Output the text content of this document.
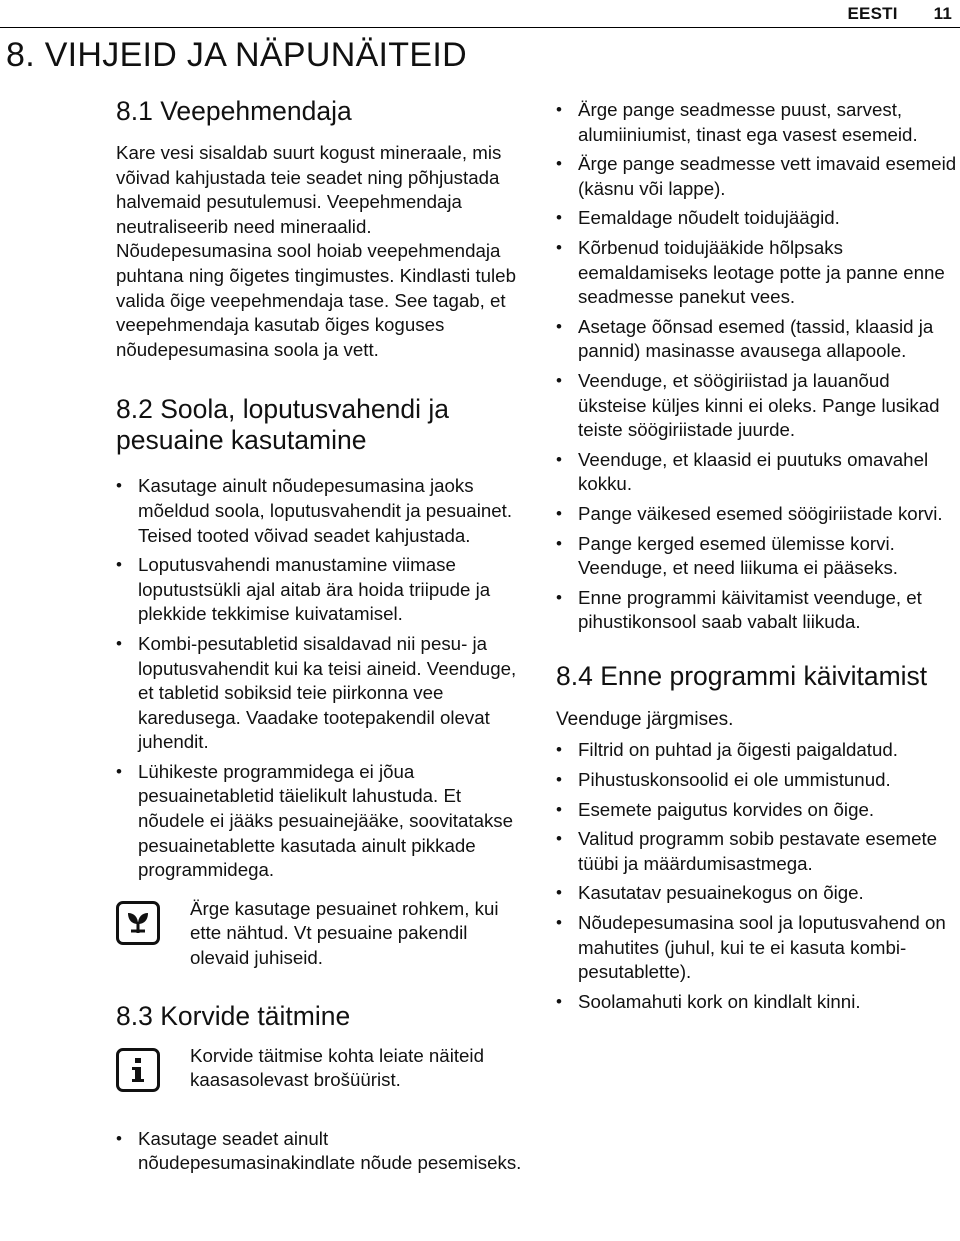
EESTI 11
8. VIHJEID JA NÄPUNÄITEID
8.1 Veepehmendaja

Kare vesi sisaldab suurt kogust mineraale, mis võivad kahjustada teie seadet ning põhjustada halvemaid pesutulemusi. Veepehmendaja neutraliseerib need mineraalid. Nõudepesumasina sool hoiab veepehmendaja puhtana ning õigetes tingimustes. Kindlasti tuleb valida õige veepehmendaja tase. See tagab, et veepehmendaja kasutab õiges koguses nõudepesumasina soola ja vett.

8.2 Soola, loputusvahendi ja pesuaine kasutamine
• Kasutage ainult nõudepesumasina jaoks mõeldud soola, loputusvahendit ja pesuainet. Teised tooted võivad seadet kahjustada.
• Loputusvahendi manustamine viimase loputustsükli ajal aitab ära hoida triipude ja plekkide tekkimise kuivatamisel.
• Kombi-pesutabletid sisaldavad nii pesu- ja loputusvahendit kui ka teisi aineid. Veenduge, et tabletid sobiksid teie piirkonna vee karedusega. Vaadake tootepakendil olevat juhendit.
• Lühikeste programmidega ei jõua pesuainetabletid täielikult lahustuda. Et nõudele ei jääks pesuainejääke, soovitatakse pesuainetablette kasutada ainult pikkade programmidega.

Ärge kasutage pesuainet rohkem, kui ette nähtud. Vt pesuaine pakendil olevaid juhiseid.

8.3 Korvide täitmine

Korvide täitmise kohta leiate näiteid kaasasolevast brošüürist.

• Kasutage seadet ainult nõudepesumasinakindlate nõude pesemiseks.
• Ärge pange seadmesse puust, sarvest, alumiiniumist, tinast ega vasest esemeid.
• Ärge pange seadmesse vett imavaid esemeid (käsnu või lappe).
• Eemaldage nõudelt toidujäägid.
• Kõrbenud toidujääkide hõlpsaks eemaldamiseks leotage potte ja panne enne seadmesse panekut vees.
• Asetage õõnsad esemed (tassid, klaasid ja pannid) masinasse avausega allapoole.
• Veenduge, et söögiriistad ja lauanõud üksteise küljes kinni ei oleks. Pange lusikad teiste söögiriistade juurde.
• Veenduge, et klaasid ei puutuks omavahel kokku.
• Pange väikesed esemed söögiriistade korvi.
• Pange kerged esemed ülemisse korvi. Veenduge, et need liikuma ei pääseks.
• Enne programmi käivitamist veenduge, et pihustikonsool saab vabalt liikuda.
8.4 Enne programmi käivitamist

Veenduge järgmises.

• Filtrid on puhtad ja õigesti paigaldatud.
• Pihustuskonsoolid ei ole ummistunud.
• Esemete paigutus korvides on õige.
• Valitud programm sobib pestavate esemete tüübi ja määrdumisastmega.
• Kasutatav pesuainekogus on õige.
• Nõudepesumasina sool ja loputusvahend on mahutites (juhul, kui te ei kasuta kombi-pesutablette).
• Soolamahuti kork on kindlalt kinni.
